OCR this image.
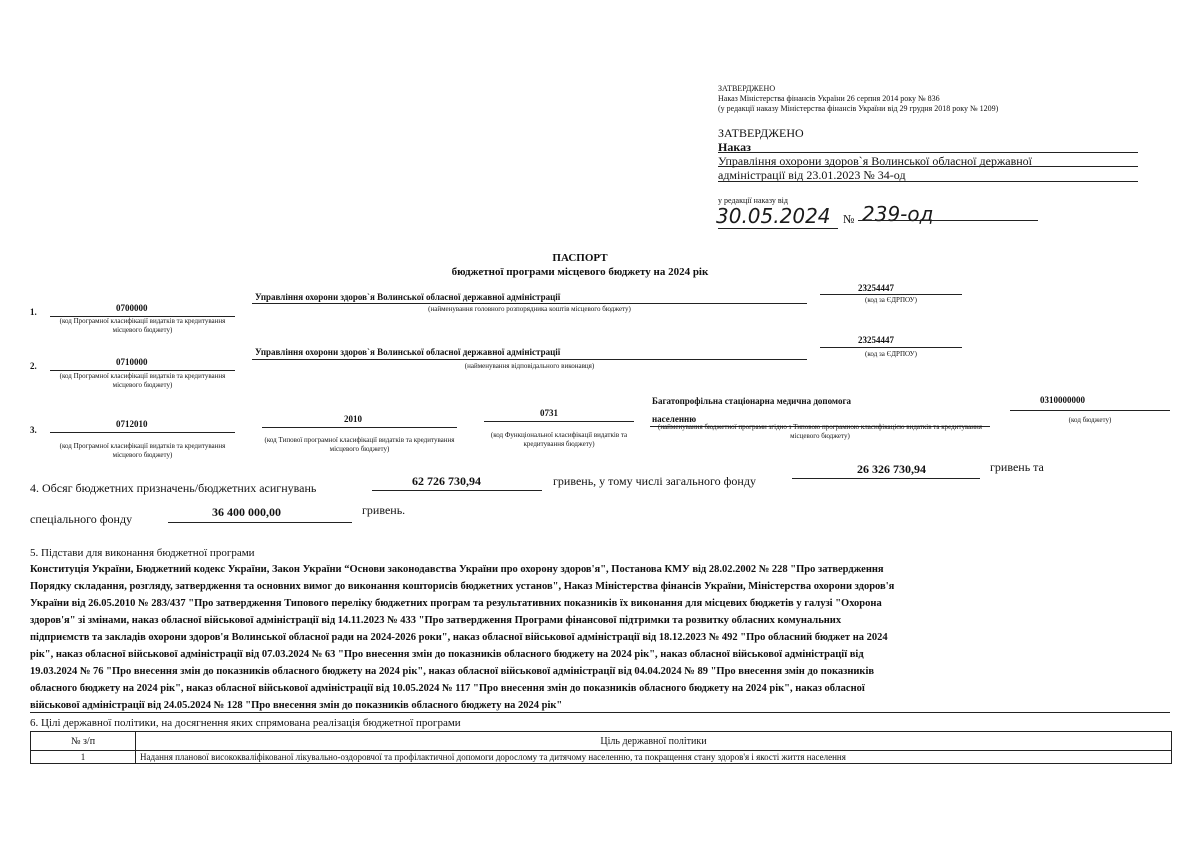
ЗАТВЕРДЖЕНО
Наказ Міністерства фінансів України 26 серпня 2014 року № 836
(у редакції наказу Міністерства фінансів України від 29 грудня 2018 року № 1209)
ЗАТВЕРДЖЕНО
Наказ
Управління охорони здоров`я Волинської обласної державної
адміністрації від 23.01.2023 № 34-од
у редакції наказу від
30.05.2024 № 239-од
ПАСПОРТ
бюджетної програми місцевого бюджету на 2024 рік
1.	0700000
(код Програмної класифікації видатків та кредитування місцевого бюджету)
Управління охорони здоров`я Волинської обласної державної адміністрації
(найменування головного розпорядника коштів місцевого бюджету)
23254447
(код за ЄДРПОУ)
2.	0710000
(код Програмної класифікації видатків та кредитування місцевого бюджету)
Управління охорони здоров`я Волинської обласної державної адміністрації
(найменування відповідального виконавця)
23254447
(код за ЄДРПОУ)
3.
0712010
(код Програмної класифікації видатків та кредитування місцевого бюджету)
2010
(код Типової програмної класифікації видатків та кредитування місцевого бюджету)
0731
(код Функціональної класифікації видатків та кредитування бюджету)
Багатопрофільна стаціонарна медична допомога
населенню
(найменування бюджетної програми згідно з Типовою програмною класифікацією видатків та кредитування місцевого бюджету)
0310000000
(код бюджету)
4. Обсяг бюджетних призначень/бюджетних асигнувань	62 726 730,94	гривень, у тому числі загального фонду
26 326 730,94	гривень та
спеціального фонду	36 400 000,00	гривень.
5. Підстави для виконання бюджетної програми
Конституція України, Бюджетний кодекс України, Закон України “Основи законодавства України про охорону здоров'я", Постанова КМУ від 28.02.2002 № 228 "Про затвердження
Порядку складання, розгляду, затвердження та основних вимог до виконання кошторисів бюджетних установ", Наказ Міністерства фінансів України, Міністерства охорони здоров'я
України від 26.05.2010 № 283/437 "Про затвердження Типового переліку бюджетних програм та результативних показників їх виконання для місцевих бюджетів у галузі "Охорона
здоров'я" зі змінами, наказ обласної військової адміністрації від 14.11.2023 № 433 "Про затвердження Програми фінансової підтримки та розвитку обласних комунальних
підприємств та закладів охорони здоров'я Волинської обласної ради на 2024-2026 роки", наказ обласної військової адміністрації від 18.12.2023 № 492 "Про обласний бюджет на 2024
рік", наказ обласної військової адміністрації від 07.03.2024 № 63 "Про внесення змін до показників обласного бюджету на 2024 рік", наказ обласної військової адміністрації від
19.03.2024 № 76 "Про внесення змін до показників обласного бюджету на 2024 рік", наказ обласної військової адміністрації від 04.04.2024 № 89 "Про внесення змін до показників
обласного бюджету на 2024 рік", наказ обласної військової адміністрації від 10.05.2024 № 117 "Про внесення змін до показників обласного бюджету на 2024 рік", наказ обласної
військової адміністрації від 24.05.2024 № 128 "Про внесення змін до показників обласного бюджету на 2024 рік"
6. Цілі державної політики, на досягнення яких спрямована реалізація бюджетної програми
№ з/п	Ціль державної політики
1	Надання планової висококваліфікованої лікувально-оздоровчої та профілактичної допомоги дорослому та дитячому населенню, та покращення стану здоров'я і якості життя населення
